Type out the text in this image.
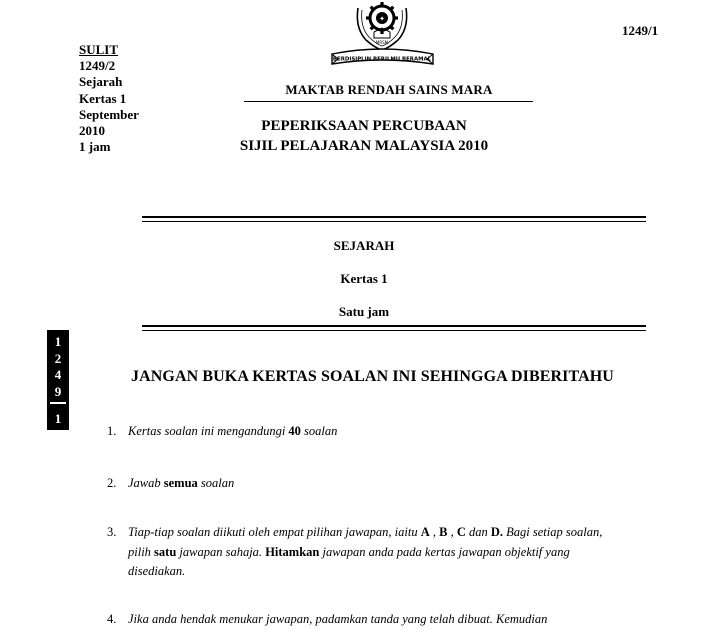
1249/1
SULIT
1249/2
Sejarah
Kertas 1
September
2010
1 jam
✦
MRSM
BERDISIPLIN BERILMU BERAMAL
MAKTAB RENDAH SAINS MARA
PEPERIKSAAN PERCUBAAN
SIJIL PELAJARAN MALAYSIA 2010
SEJARAH
Kertas 1
Satu jam
1
2
4
9
1
JANGAN BUKA KERTAS SOALAN INI SEHINGGA DIBERITAHU
1. Kertas soalan ini mengandungi 40 soalan
2. Jawab semua soalan
3. Tiap-tiap soalan diikuti oleh empat pilihan jawapan, iaitu A , B , C dan D. Bagi setiap soalan, pilih satu jawapan sahaja. Hitamkan jawapan anda pada kertas jawapan objektif yang disediakan.
4. Jika anda hendak menukar jawapan, padamkan tanda yang telah dibuat. Kemudian
